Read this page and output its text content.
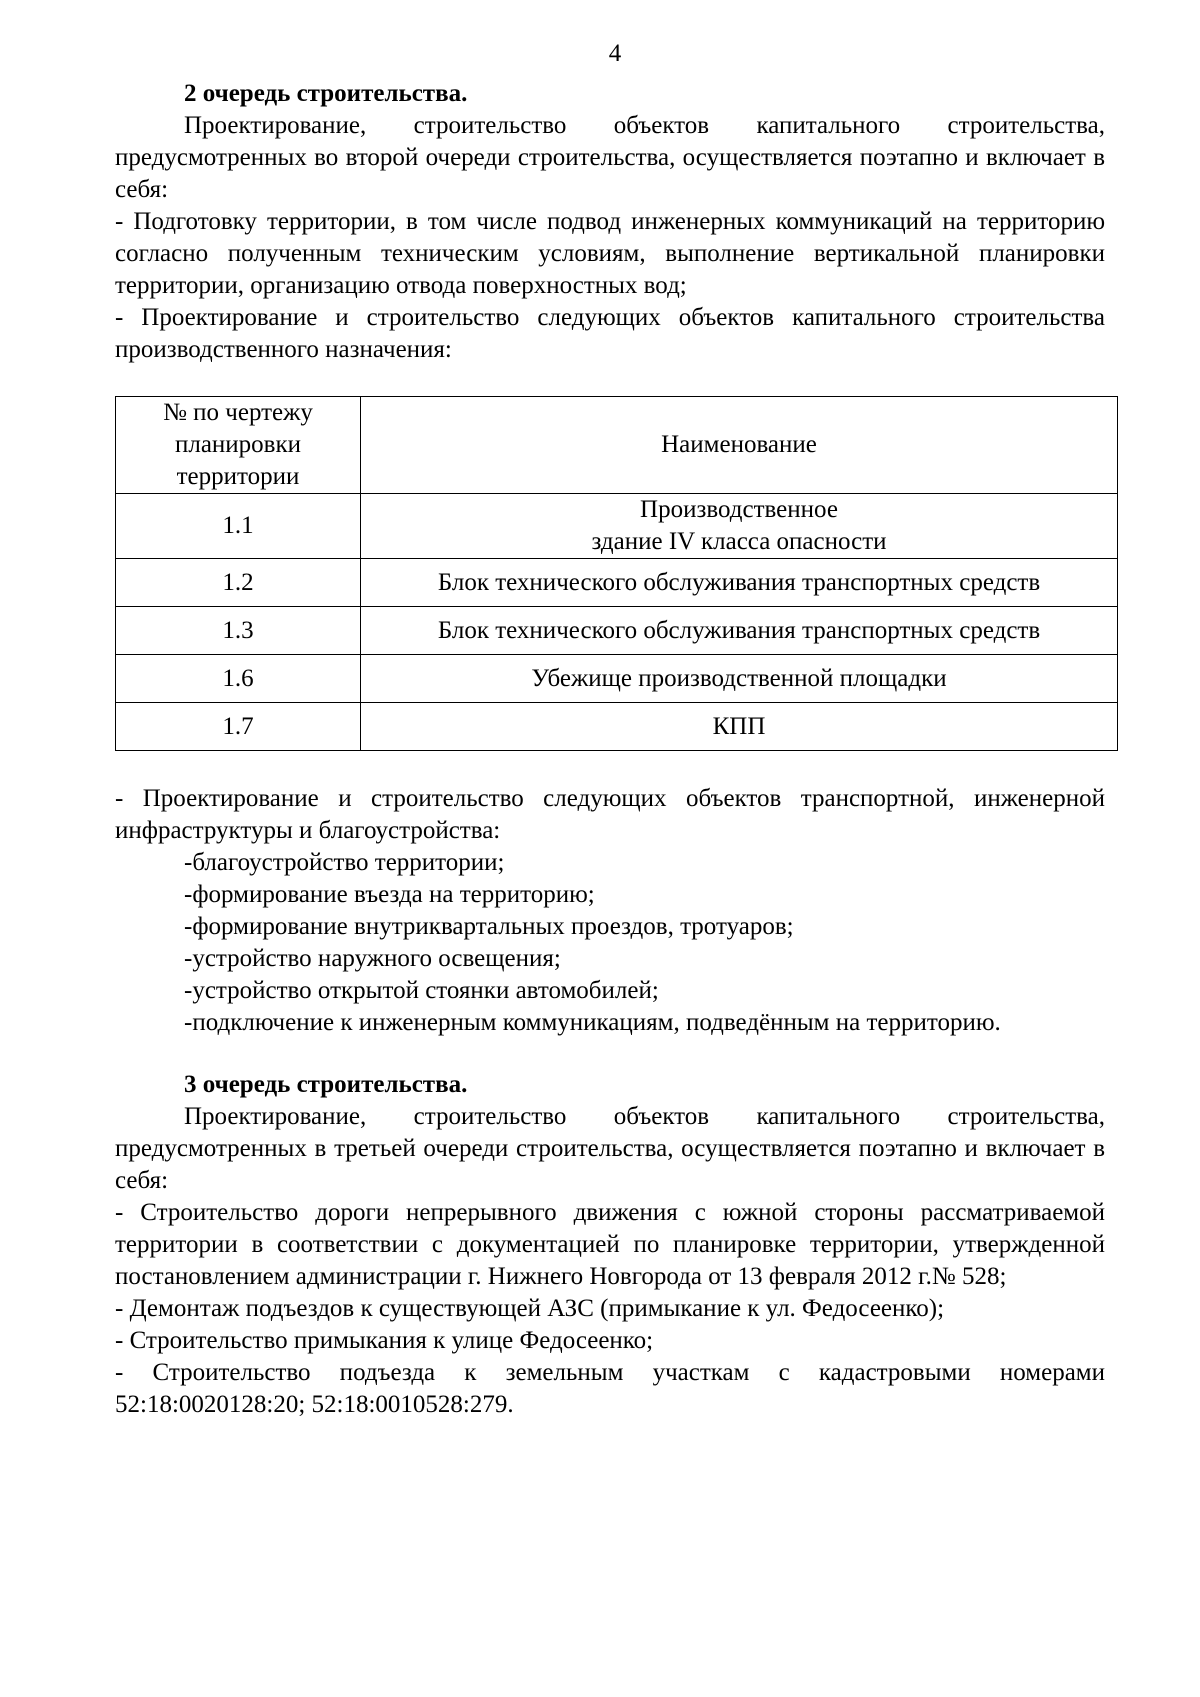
4

2 очередь строительства.

Проектирование, строительство объектов капитального строительства, предусмотренных во второй очереди строительства, осуществляется поэтапно и включает в себя:

- Подготовку территории, в том числе подвод инженерных коммуникаций на территорию согласно полученным техническим условиям, выполнение вертикальной планировки территории, организацию отвода поверхностных вод;

- Проектирование и строительство следующих объектов капитального строительства производственного назначения:

№ по чертежу планировки территории	Наименование
1.1	Производственное
здание IV класса опасности
1.2	Блок технического обслуживания транспортных средств
1.3	Блок технического обслуживания транспортных средств
1.6	Убежище производственной площадки
1.7	КПП

- Проектирование и строительство следующих объектов транспортной, инженерной инфраструктуры и благоустройства:

-благоустройство территории;

-формирование въезда на территорию;

-формирование внутриквартальных проездов, тротуаров;

-устройство наружного освещения;

-устройство открытой стоянки автомобилей;

-подключение к инженерным коммуникациям, подведённым на территорию.

3 очередь строительства.

Проектирование, строительство объектов капитального строительства, предусмотренных в третьей очереди строительства, осуществляется поэтапно и включает в себя:

- Строительство дороги непрерывного движения с южной стороны рассматриваемой территории в соответствии с документацией по планировке территории, утвержденной постановлением администрации г. Нижнего Новгорода от 13 февраля 2012 г.№ 528;

- Демонтаж подъездов к существующей АЗС (примыкание к ул. Федосеенко);

- Строительство примыкания к улице Федосеенко;

- Строительство подъезда к земельным участкам с кадастровыми номерами 52:18:0020128:20; 52:18:0010528:279.
